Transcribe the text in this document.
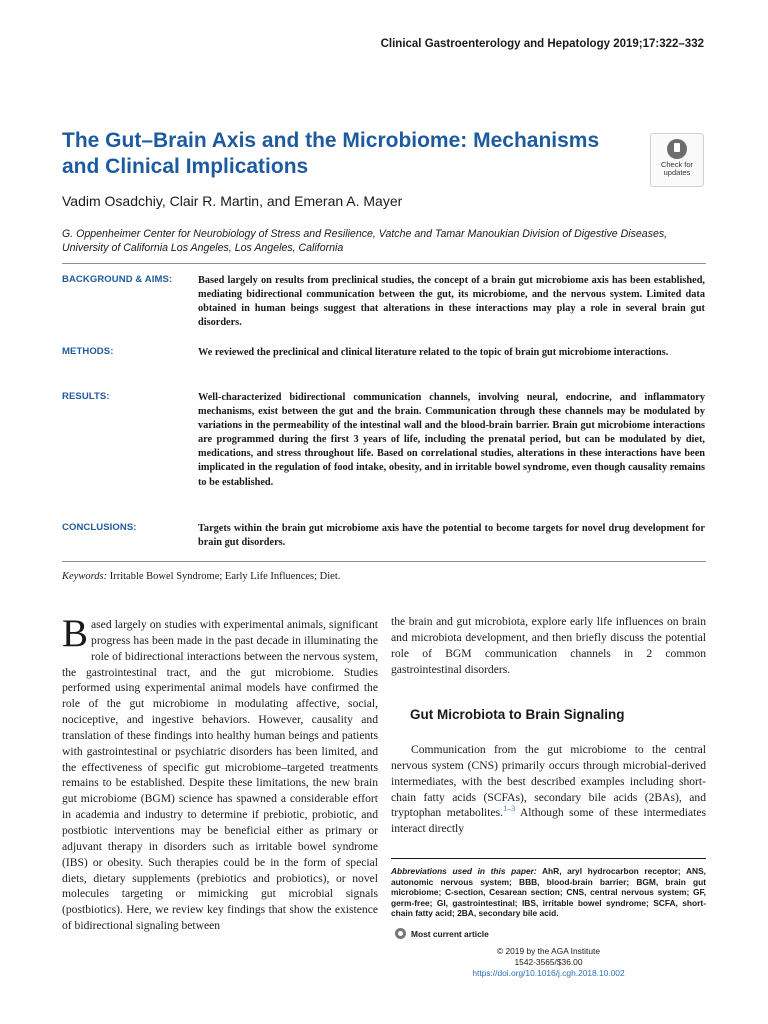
Clinical Gastroenterology and Hepatology 2019;17:322–332
The Gut–Brain Axis and the Microbiome: Mechanisms and Clinical Implications	Check for
updates
Vadim Osadchiy, Clair R. Martin, and Emeran A. Mayer
G. Oppenheimer Center for Neurobiology of Stress and Resilience, Vatche and Tamar Manoukian Division of Digestive Diseases, University of California Los Angeles, Los Angeles, California
BACKGROUND & AIMS:	Based largely on results from preclinical studies, the concept of a brain gut microbiome axis has been established, mediating bidirectional communication between the gut, its microbiome, and the nervous system. Limited data obtained in human beings suggest that alterations in these interactions may play a role in several brain gut disorders.
METHODS:	We reviewed the preclinical and clinical literature related to the topic of brain gut microbiome interactions.
RESULTS:	Well-characterized bidirectional communication channels, involving neural, endocrine, and inflammatory mechanisms, exist between the gut and the brain. Communication through these channels may be modulated by variations in the permeability of the intestinal wall and the blood-brain barrier. Brain gut microbiome interactions are programmed during the first 3 years of life, including the prenatal period, but can be modulated by diet, medications, and stress throughout life. Based on correlational studies, alterations in these interactions have been implicated in the regulation of food intake, obesity, and in irritable bowel syndrome, even though causality remains to be established.
CONCLUSIONS:	Targets within the brain gut microbiome axis have the potential to become targets for novel drug development for brain gut disorders.
Keywords: Irritable Bowel Syndrome; Early Life Influences; Diet.
Based largely on studies with experimental animals, significant progress has been made in the past decade in illuminating the role of bidirectional interactions between the nervous system, the gastrointestinal tract, and the gut microbiome. Studies performed using experimental animal models have confirmed the role of the gut microbiome in modulating affective, social, nociceptive, and ingestive behaviors. However, causality and translation of these findings into healthy human beings and patients with gastrointestinal or psychiatric disorders has been limited, and the effectiveness of specific gut microbiome–targeted treatments remains to be established. Despite these limitations, the new brain gut microbiome (BGM) science has spawned a considerable effort in academia and industry to determine if prebiotic, probiotic, and postbiotic interventions may be beneficial either as primary or adjuvant therapy in disorders such as irritable bowel syndrome (IBS) or obesity. Such therapies could be in the form of special diets, dietary supplements (prebiotics and probiotics), or novel molecules targeting or mimicking gut microbial signals (postbiotics). Here, we review key findings that show the existence of bidirectional signaling between
the brain and gut microbiota, explore early life influences on brain and microbiota development, and then briefly discuss the potential role of BGM communication channels in 2 common gastrointestinal disorders.
Gut Microbiota to Brain Signaling
Communication from the gut microbiome to the central nervous system (CNS) primarily occurs through microbial-derived intermediates, with the best described examples including short-chain fatty acids (SCFAs), secondary bile acids (2BAs), and tryptophan metabolites.$^{1-3}$ Although some of these intermediates interact directly
Abbreviations used in this paper: AhR, aryl hydrocarbon receptor; ANS, autonomic nervous system; BBB, blood-brain barrier; BGM, brain gut microbiome; C-section, Cesarean section; CNS, central nervous system; GF, germ-free; GI, gastrointestinal; IBS, irritable bowel syndrome; SCFA, short-chain fatty acid; 2BA, secondary bile acid.
Most current article
© 2019 by the AGA Institute
1542-3565/$36.00
https://doi.org/10.1016/j.cgh.2018.10.002
